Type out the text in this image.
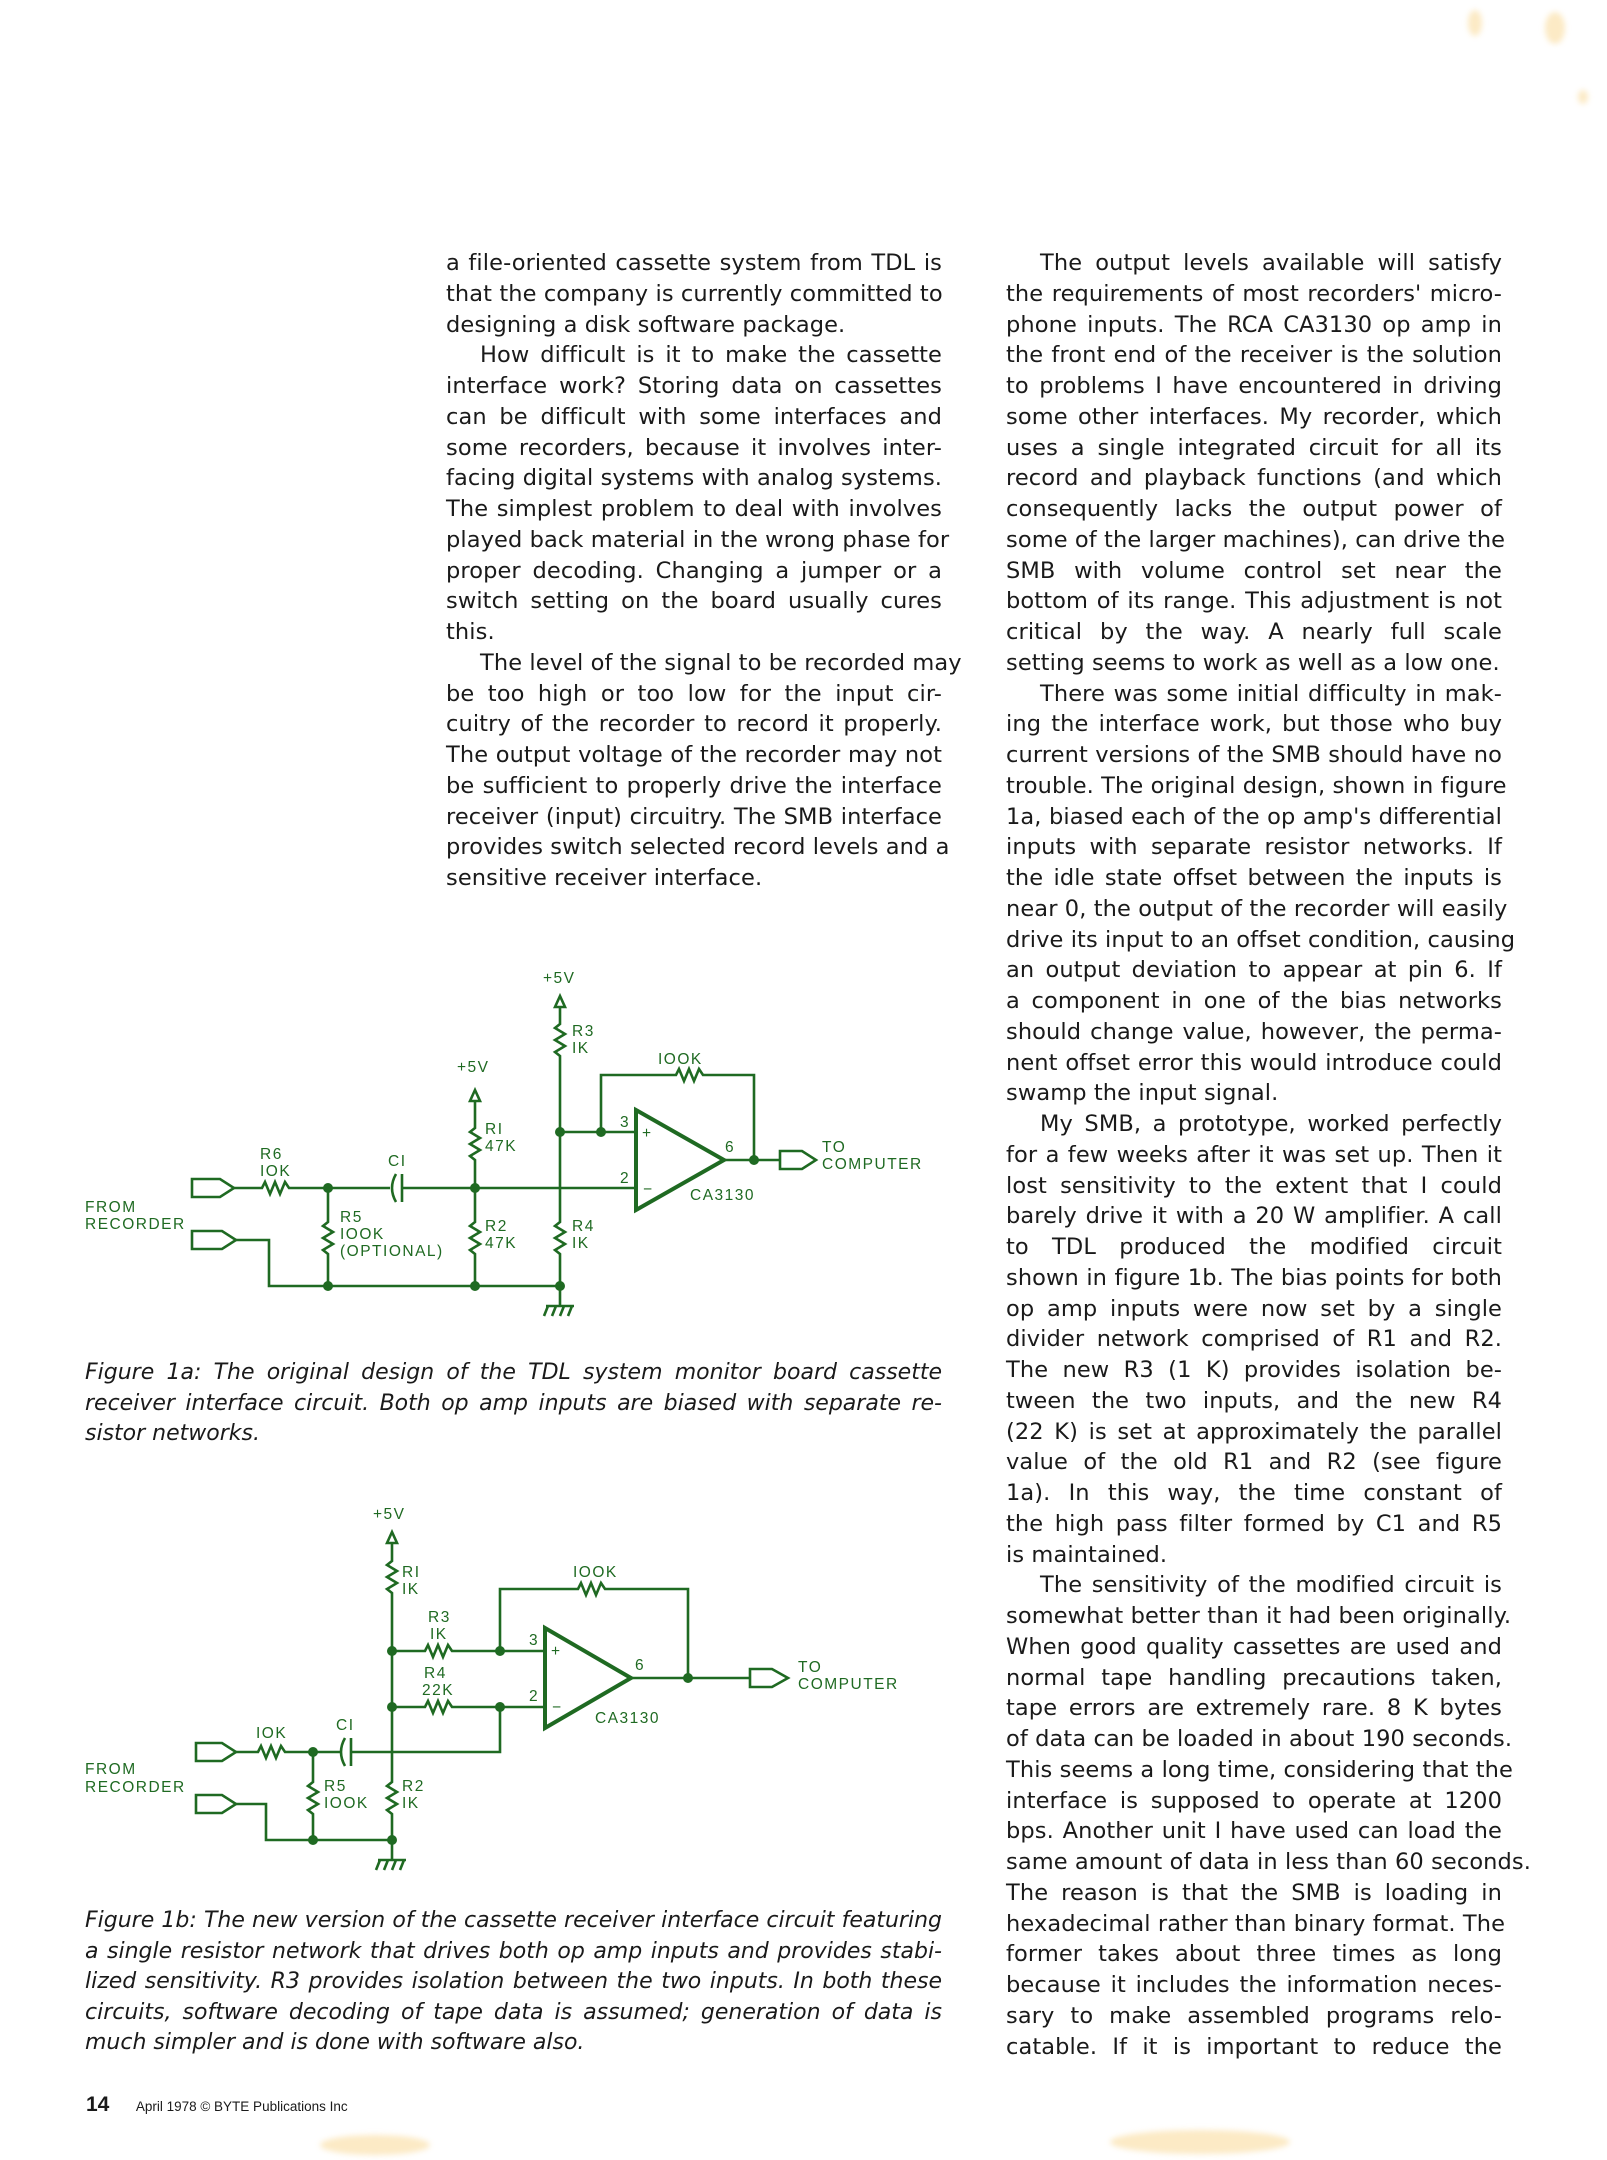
a file-oriented cassette system from TDL is
that the company is currently committed to
designing a disk software package.
How difficult is it to make the cassette
interface work? Storing data on cassettes
can be difficult with some interfaces and
some recorders, because it involves inter-
facing digital systems with analog systems.
The simplest problem to deal with involves
played back material in the wrong phase for
proper decoding. Changing a jumper or a
switch setting on the board usually cures
this.
The level of the signal to be recorded may
be too high or too low for the input cir-
cuitry of the recorder to record it properly.
The output voltage of the recorder may not
be sufficient to properly drive the interface
receiver (input) circuitry. The SMB interface
provides switch selected record levels and a
sensitive receiver interface.
The output levels available will satisfy
the requirements of most recorders' micro-
phone inputs. The RCA CA3130 op amp in
the front end of the receiver is the solution
to problems I have encountered in driving
some other interfaces. My recorder, which
uses a single integrated circuit for all its
record and playback functions (and which
consequently lacks the output power of
some of the larger machines), can drive the
SMB with volume control set near the
bottom of its range. This adjustment is not
critical by the way. A nearly full scale
setting seems to work as well as a low one.
There was some initial difficulty in mak-
ing the interface work, but those who buy
current versions of the SMB should have no
trouble. The original design, shown in figure
1a, biased each of the op amp's differential
inputs with separate resistor networks. If
the idle state offset between the inputs is
near 0, the output of the recorder will easily
drive its input to an offset condition, causing
an output deviation to appear at pin 6. If
a component in one of the bias networks
should change value, however, the perma-
nent offset error this would introduce could
swamp the input signal.
My SMB, a prototype, worked perfectly
for a few weeks after it was set up. Then it
lost sensitivity to the extent that I could
barely drive it with a 20 W amplifier. A call
to TDL produced the modified circuit
shown in figure 1b. The bias points for both
op amp inputs were now set by a single
divider network comprised of R1 and R2.
The new R3 (1 K) provides isolation be-
tween the two inputs, and the new R4
(22 K) is set at approximately the parallel
value of the old R1 and R2 (see figure
1a). In this way, the time constant of
the high pass filter formed by C1 and R5
is maintained.
The sensitivity of the modified circuit is
somewhat better than it had been originally.
When good quality cassettes are used and
normal tape handling precautions taken,
tape errors are extremely rare. 8 K bytes
of data can be loaded in about 190 seconds.
This seems a long time, considering that the
interface is supposed to operate at 1200
bps. Another unit I have used can load the
same amount of data in less than 60 seconds.
The reason is that the SMB is loading in
hexadecimal rather than binary format. The
former takes about three times as long
because it includes the information neces-
sary to make assembled programs relo-
catable. If it is important to reduce the
FROM
RECORDER
R6
IOK
CI
R5
IOOK
(OPTIONAL)
+5V
RI
47K
R2
47K
+5V
R3
IK
R4
IK
IOOK
3
2
6
+
− CA3130
TO
COMPUTER
Figure 1a: The original design of the TDL system monitor board cassette
receiver interface circuit. Both op amp inputs are biased with separate re-
sistor networks.
FROM
RECORDER
IOK	CI
R5
IOOK
+5V
RI
IK
R2
IK
R3
IK
R4
22K
IOOK
3
2
6
+
−
CA3130
TO
COMPUTER
Figure 1b: The new version of the cassette receiver interface circuit featuring
a single resistor network that drives both op amp inputs and provides stabi-
lized sensitivity. R3 provides isolation between the two inputs. In both these
circuits, software decoding of tape data is assumed; generation of data is
much simpler and is done with software also.
14 April 1978 © BYTE Publications Inc
